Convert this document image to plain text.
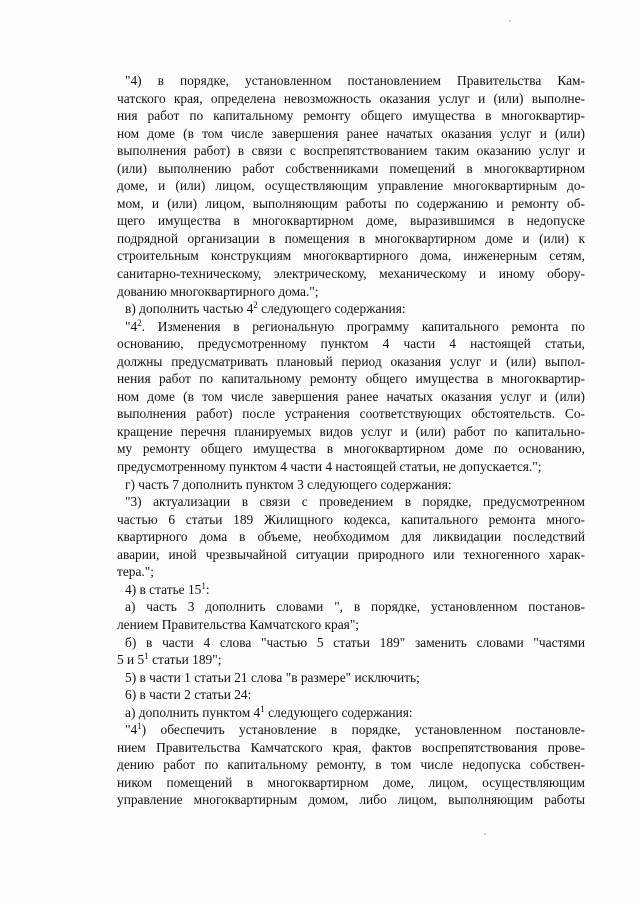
"4) в порядке, установленном постановлением Правительства Кам-
чатского края, определена невозможность оказания услуг и (или) выполне-
ния работ по капитальному ремонту общего имущества в многоквартир-
ном доме (в том числе завершения ранее начатых оказания услуг и (или)
выполнения работ) в связи с воспрепятствованием таким оказанию услуг и
(или) выполнению работ собственниками помещений в многоквартирном
доме, и (или) лицом, осуществляющим управление многоквартирным до-
мом, и (или) лицом, выполняющим работы по содержанию и ремонту об-
щего имущества в многоквартирном доме, выразившимся в недопуске
подрядной организации в помещения в многоквартирном доме и (или) к
строительным конструкциям многоквартирного дома, инженерным сетям,
санитарно-техническому, электрическому, механическому и иному обору-
дованию многоквартирного дома.";

в) дополнить частью $4^2$ следующего содержания:

"$4^2$. Изменения в региональную программу капитального ремонта по
основанию, предусмотренному пунктом 4 части 4 настоящей статьи,
должны предусматривать плановый период оказания услуг и (или) выпол-
нения работ по капитальному ремонту общего имущества в многоквартир-
ном доме (в том числе завершения ранее начатых оказания услуг и (или)
выполнения работ) после устранения соответствующих обстоятельств. Со-
кращение перечня планируемых видов услуг и (или) работ по капитально-
му ремонту общего имущества в многоквартирном доме по основанию,
предусмотренному пунктом 4 части 4 настоящей статьи, не допускается.";

г) часть 7 дополнить пунктом 3 следующего содержания:

"3) актуализации в связи с проведением в порядке, предусмотренном
частью 6 статьи 189 Жилищного кодекса, капитального ремонта много-
квартирного дома в объеме, необходимом для ликвидации последствий
аварии, иной чрезвычайной ситуации природного или техногенного харак-
тера.";

4) в статье $15^1$:

а) часть 3 дополнить словами ", в порядке, установленном постанов-
лением Правительства Камчатского края";

б) в части 4 слова "частью 5 статьи 189" заменить словами "частями
5 и $5^1$ статьи 189";

5) в части 1 статьи 21 слова "в размере" исключить;

6) в части 2 статьи 24:

а) дополнить пунктом $4^1$ следующего содержания:

"$4^1$) обеспечить установление в порядке, установленном постановле-
нием Правительства Камчатского края, фактов воспрепятствования прове-
дению работ по капитальному ремонту, в том числе недопуска собствен-
ником помещений в многоквартирном доме, лицом, осуществляющим
управление многоквартирным домом, либо лицом, выполняющим работы
